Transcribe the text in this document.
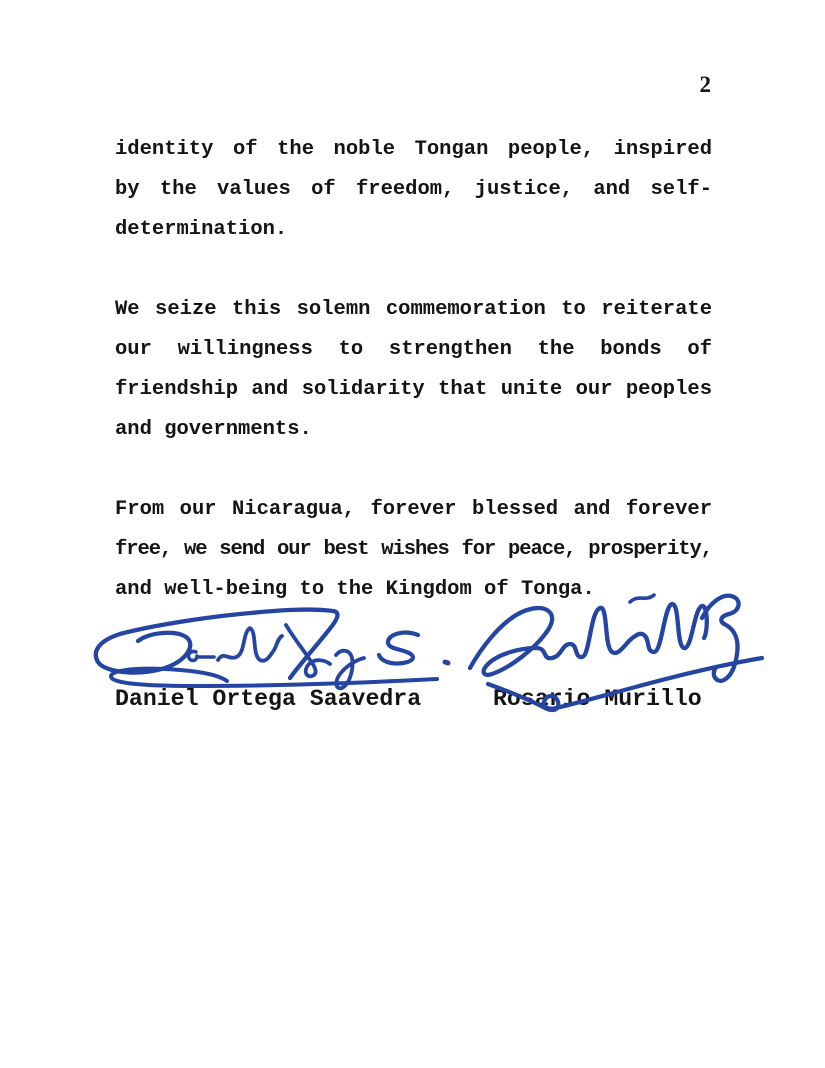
2
identity of the noble Tongan people, inspired
by the values of freedom, justice, and self-
determination.
We seize this solemn commemoration to reiterate
our willingness to strengthen the bonds of
friendship and solidarity that unite our peoples
and governments.
From our Nicaragua, forever blessed and forever
free, we send our best wishes for peace, prosperity,
and well-being to the Kingdom of Tonga.
Daniel Ortega Saavedra	Rosario Murillo
